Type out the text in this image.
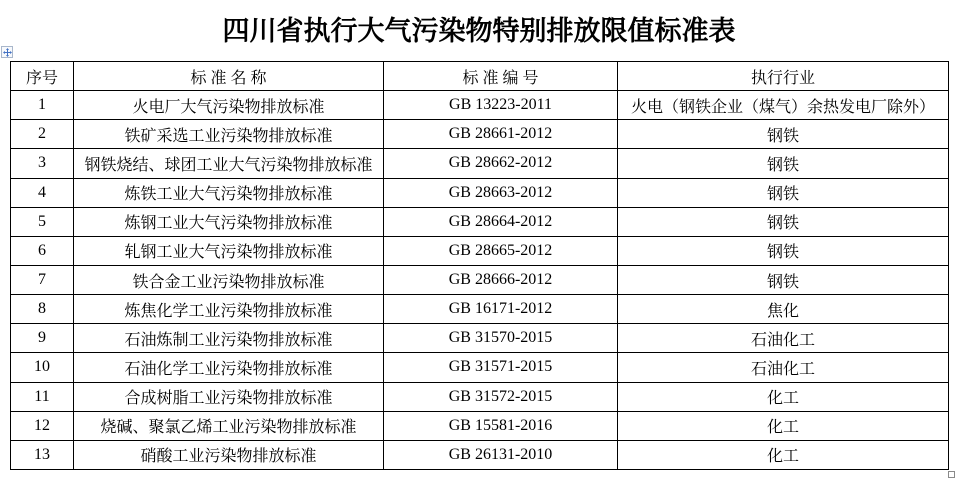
四川省执行大气污染物特别排放限值标准表
序号	标 准 名 称	标 准 编 号	执行行业
1	火电厂大气污染物排放标准	GB 13223-2011	火电（钢铁企业（煤气）余热发电厂除外）
2	铁矿采选工业污染物排放标准	GB 28661-2012	钢铁
3	钢铁烧结、球团工业大气污染物排放标准	GB 28662-2012	钢铁
4	炼铁工业大气污染物排放标准	GB 28663-2012	钢铁
5	炼钢工业大气污染物排放标准	GB 28664-2012	钢铁
6	轧钢工业大气污染物排放标准	GB 28665-2012	钢铁
7	铁合金工业污染物排放标准	GB 28666-2012	钢铁
8	炼焦化学工业污染物排放标准	GB 16171-2012	焦化
9	石油炼制工业污染物排放标准	GB 31570-2015	石油化工
10	石油化学工业污染物排放标准	GB 31571-2015	石油化工
11	合成树脂工业污染物排放标准	GB 31572-2015	化工
12	烧碱、聚氯乙烯工业污染物排放标准	GB 15581-2016	化工
13	硝酸工业污染物排放标准	GB 26131-2010	化工
